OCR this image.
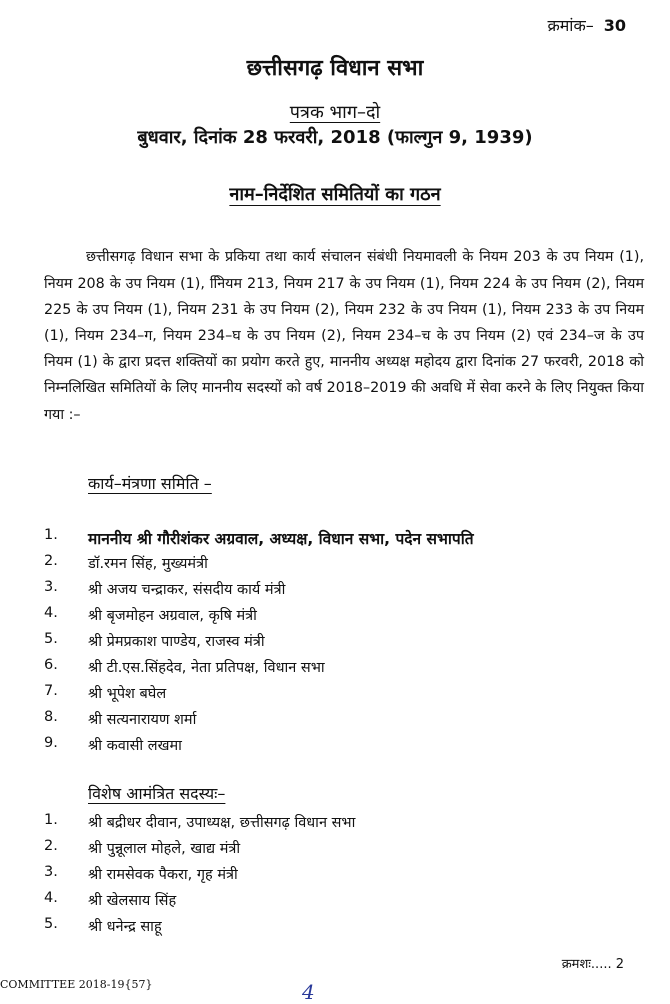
क्रमांक– 30
छत्तीसगढ़ विधान सभा
पत्रक भाग–दो
बुधवार, दिनांक 28 फरवरी, 2018 (फाल्गुन 9, 1939)
नाम–निर्देशित समितियों का गठन

छत्तीसगढ़ विधान सभा के प्रकिया तथा कार्य संचालन संबंधी नियमावली के नियम 203 के उप नियम (1), नियम 208 के उप नियम (1), निियम 213, नियम 217 के उप नियम (1), नियम 224 के उप नियम (2), नियम 225 के उप नियम (1), नियम 231 के उप नियम (2), नियम 232 के उप नियम (1), नियम 233 के उप नियम (1), नियम 234–ग, नियम 234–घ के उप नियम (2), नियम 234–च के उप नियम (2) एवं 234–ज के उप नियम (1) के द्वारा प्रदत्त शक्तियों का प्रयोग करते हुए, माननीय अध्यक्ष महोदय द्वारा दिनांक 27 फरवरी, 2018 को निम्नलिखित समितियों के लिए माननीय सदस्यों को वर्ष 2018–2019 की अवधि में सेवा करने के लिए नियुक्त किया गया :–

कार्य–मंत्रणा समिति –
1. माननीय श्री गौरीशंकर अग्रवाल, अध्यक्ष, विधान सभा, पदेन सभापति
2. डॉ.रमन सिंह, मुख्यमंत्री
3. श्री अजय चन्द्राकर, संसदीय कार्य मंत्री
4. श्री बृजमोहन अग्रवाल, कृषि मंत्री
5. श्री प्रेमप्रकाश पाण्डेय, राजस्व मंत्री
6. श्री टी.एस.सिंहदेव, नेता प्रतिपक्ष, विधान सभा
7. श्री भूपेश बघेल
8. श्री सत्यनारायण शर्मा
9. श्री कवासी लखमा
विशेष आमंत्रित सदस्यः–
1. श्री बद्रीधर दीवान, उपाध्यक्ष, छत्तीसगढ़ विधान सभा
2. श्री पुन्नूलाल मोहले, खाद्य मंत्री
3. श्री रामसेवक पैकरा, गृह मंत्री
4. श्री खेलसाय सिंह
5. श्री धनेन्द्र साहू
क्रमशः..... 2
COMMITTEE 2018-19{57}	4
